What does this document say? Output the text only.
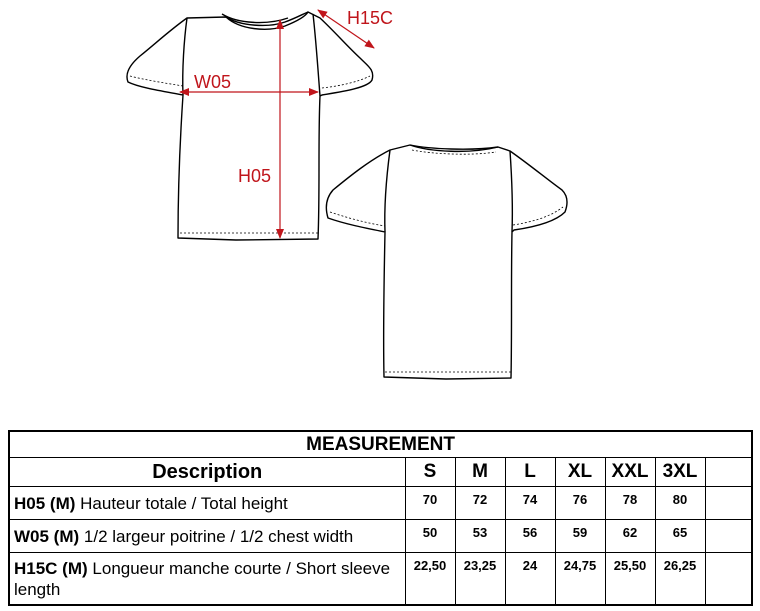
H05
W05
H15C
MEASUREMENT							
Description	S	M	L	XL	XXL	3XL	
H05 (M) Hauteur totale / Total height	70	72	74	76	78	80	
W05 (M) 1/2 largeur poitrine / 1/2 chest width	50	53	56	59	62	65	
H15C (M) Longueur manche courte / Short sleeve length	22,50	23,25	24	24,75	25,50	26,25	
